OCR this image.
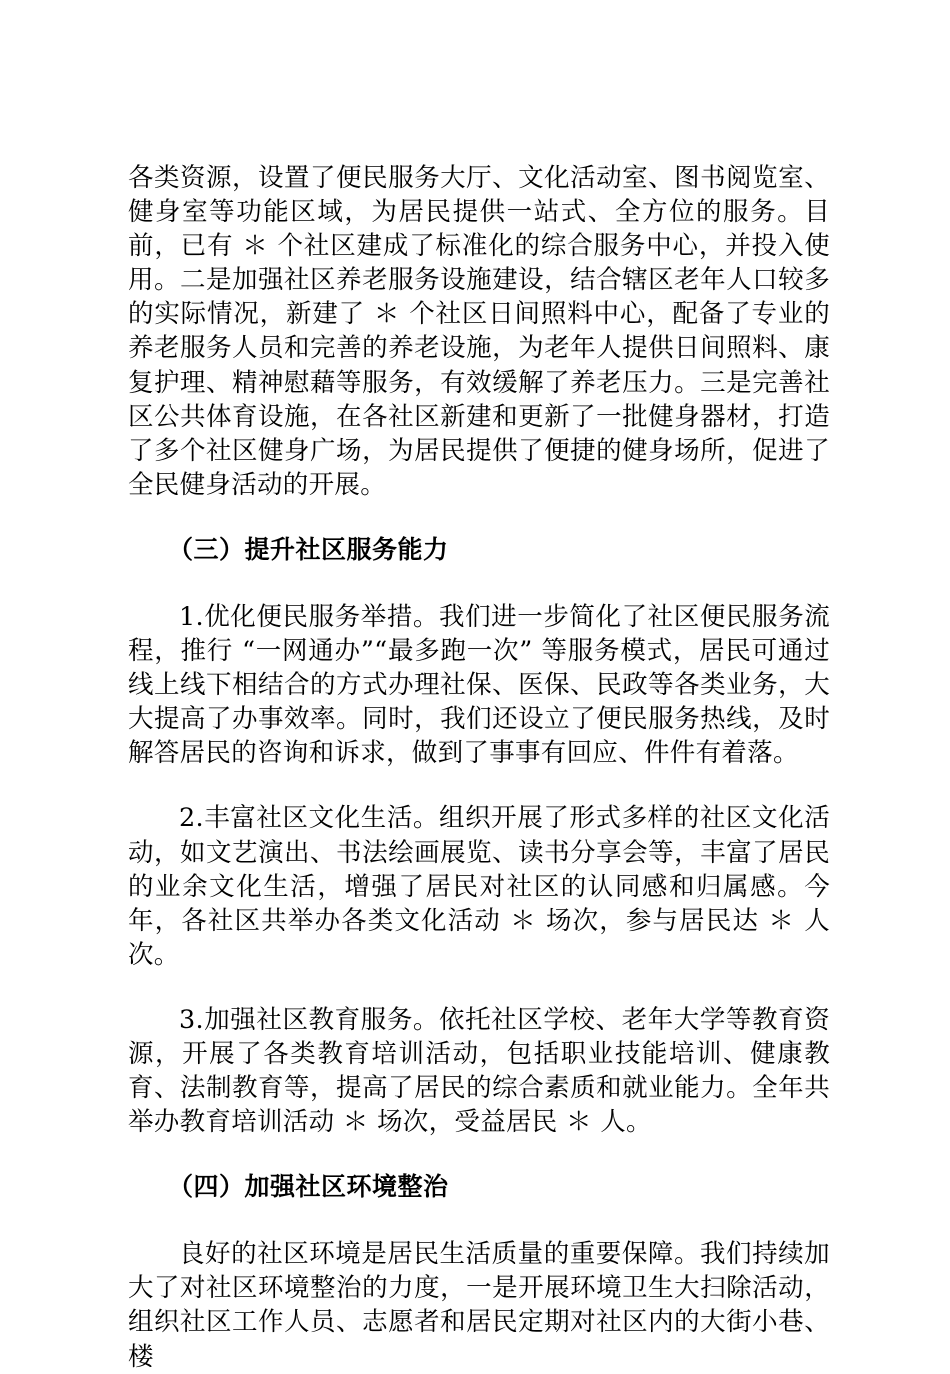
各类资源，设置了便民服务大厅、文化活动室、图书阅览室、健身室等功能区域，为居民提供一站式、全方位的服务。目前，已有 ＊ 个社区建成了标准化的综合服务中心，并投入使用。二是加强社区养老服务设施建设，结合辖区老年人口较多的实际情况，新建了 ＊ 个社区日间照料中心，配备了专业的养老服务人员和完善的养老设施，为老年人提供日间照料、康复护理、精神慰藉等服务，有效缓解了养老压力。三是完善社区公共体育设施，在各社区新建和更新了一批健身器材，打造了多个社区健身广场，为居民提供了便捷的健身场所，促进了全民健身活动的开展。

（三）提升社区服务能力

1.优化便民服务举措。我们进一步简化了社区便民服务流程，推行 “一网通办”“最多跑一次” 等服务模式，居民可通过线上线下相结合的方式办理社保、医保、民政等各类业务，大大提高了办事效率。同时，我们还设立了便民服务热线，及时解答居民的咨询和诉求，做到了事事有回应、件件有着落。

2.丰富社区文化生活。组织开展了形式多样的社区文化活动，如文艺演出、书法绘画展览、读书分享会等，丰富了居民的业余文化生活，增强了居民对社区的认同感和归属感。今年，各社区共举办各类文化活动 ＊ 场次，参与居民达 ＊ 人次。

3.加强社区教育服务。依托社区学校、老年大学等教育资源，开展了各类教育培训活动，包括职业技能培训、健康教育、法制教育等，提高了居民的综合素质和就业能力。全年共举办教育培训活动 ＊ 场次，受益居民 ＊ 人。

（四）加强社区环境整治

良好的社区环境是居民生活质量的重要保障。我们持续加大了对社区环境整治的力度，一是开展环境卫生大扫除活动，组织社区工作人员、志愿者和居民定期对社区内的大街小巷、楼
